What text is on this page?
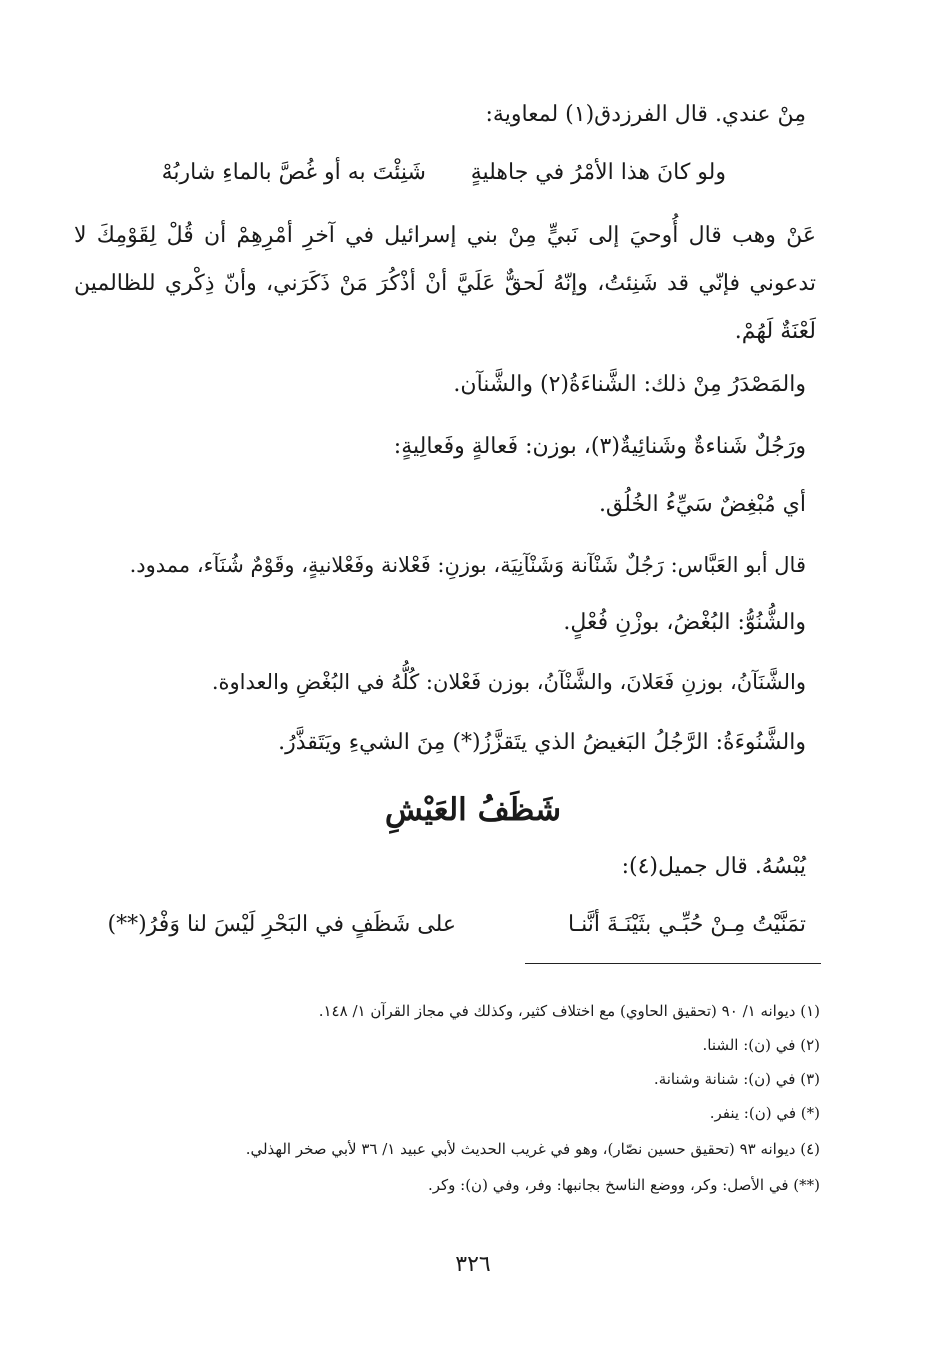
مِنْ عندي. قال الفرزدق(١) لمعاوية:
ولو كانَ هذا الأمْرُ في جاهليةٍ
شَنِئْتَ به أو غُصَّ بالماءِ شاربُهْ
عَنْ وهب قال أُوحيَ إلى نَبيٍّ مِنْ بني إسرائيل في آخرِ أمْرِهِمْ أن قُلْ لِقَوْمِكَ لا تدعوني فإنّي قد شَنِئتُ، وإنّهُ لَحقٌّ عَلَيَّ أنْ أذْكُرَ مَنْ ذَكَرَني، وأنّ ذِكْري للظالمين لَعْنَةٌ لَهُمْ.
والمَصْدَرُ مِنْ ذلك: الشَّناءَةُ(٢) والشَّنآن.
ورَجُلٌ شَناءةٌ وشَنائِيةٌ(٣)، بوزن: فَعالةٍ وفَعالِيةٍ:
أي مُبْغِضٌ سَيِّءُ الخُلُق.
قال أبو العَبَّاس: رَجُلٌ شَنْآنة وَشَنْآنِيَة، بوزنِ: فَعْلانة وفَعْلانيةٍ، وقَوْمٌ شُنَآء، ممدود.
والشُّنُوُّ: البُغْضُ، بوزْنِ فُعْلٍ.
والشَّنَآنُ، بوزنِ فَعَلانَ، والشَّنْآنُ، بوزن فَعْلان: كُلُّهُ في البُغْضِ والعداوة.
والشَّنُوءَةُ: الرَّجُلُ البَغيضُ الذي يتَقزَّزُ(*) مِنَ الشيءِ ويَتَقذَّرُ.
شَظَفُ العَيْشِ
يُبْسُهُ. قال جميل(٤):
تمَنَّيْتُ مِـنْ حُبِّـي بثَيْنَـةَ أنَّنـا
على شَظَفٍ في البَحْرِ لَيْسَ لنا وَفْرُ(**)
(١) ديوانه ١/ ٩٠ (تحقيق الحاوي) مع اختلاف كثير، وكذلك في مجاز القرآن ١/ ١٤٨.
(٢) في (ن): الشنا.
(٣) في (ن): شنانة وشنانة.
(*) في (ن): ينفر.
(٤) ديوانه ٩٣ (تحقيق حسين نصّار)، وهو في غريب الحديث لأبي عبيد ١/ ٣٦ لأبي صخر الهذلي.
(**) في الأصل: وكر، ووضع الناسخ بجانبها: وفر، وفي (ن): وكر.
٣٢٦
